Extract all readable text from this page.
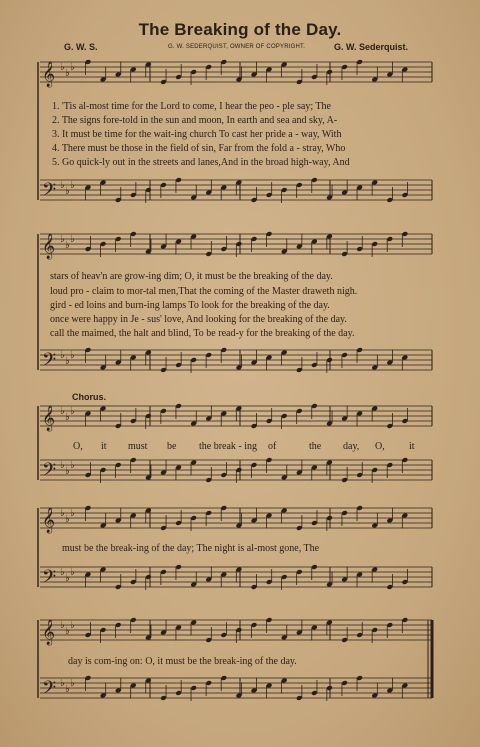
The Breaking of the Day.
G. W. S.	G. W. SEDERQUIST, OWNER OF COPYRIGHT.	G. W. Sederquist.
𝄞 ♭
♭
♭
𝄢 ♭
♭
♭
𝄞 ♭
♭
♭
𝄢 ♭
♭
♭
𝄞 ♭
♭
♭
𝄢 ♭
♭
♭
𝄞 ♭
♭
♭
𝄢 ♭
♭
♭
𝄞 ♭
♭
♭
𝄢 ♭
♭
♭
1. 'Tis al-most time for the Lord to come, I hear the peo - ple say; The
2. The signs fore-told in the sun and moon, In earth and sea and sky, A-
3. It must be time for the wait-ing church To cast her pride a - way, With
4. There must be those in the field of sin, Far from the fold a - stray, Who
5. Go quick-ly out in the streets and lanes,And in the broad high-way, And
stars of heav'n are grow-ing dim; O, it must be the breaking of the day.
loud pro - claim to mor-tal men,That the coming of the Master draweth nigh.
gird - ed loins and burn-ing lamps To look for the breaking of the day.
once were happy in Je - sus' love, And looking for the breaking of the day.
call the maimed, the halt and blind, To be read-y for the breaking of the day.
Chorus.
O, it must be the break - ing of	the day, O, it
must be the break-ing of the day; The night is al-most gone, The
day is com-ing on: O, it must be the break-ing of the day.
